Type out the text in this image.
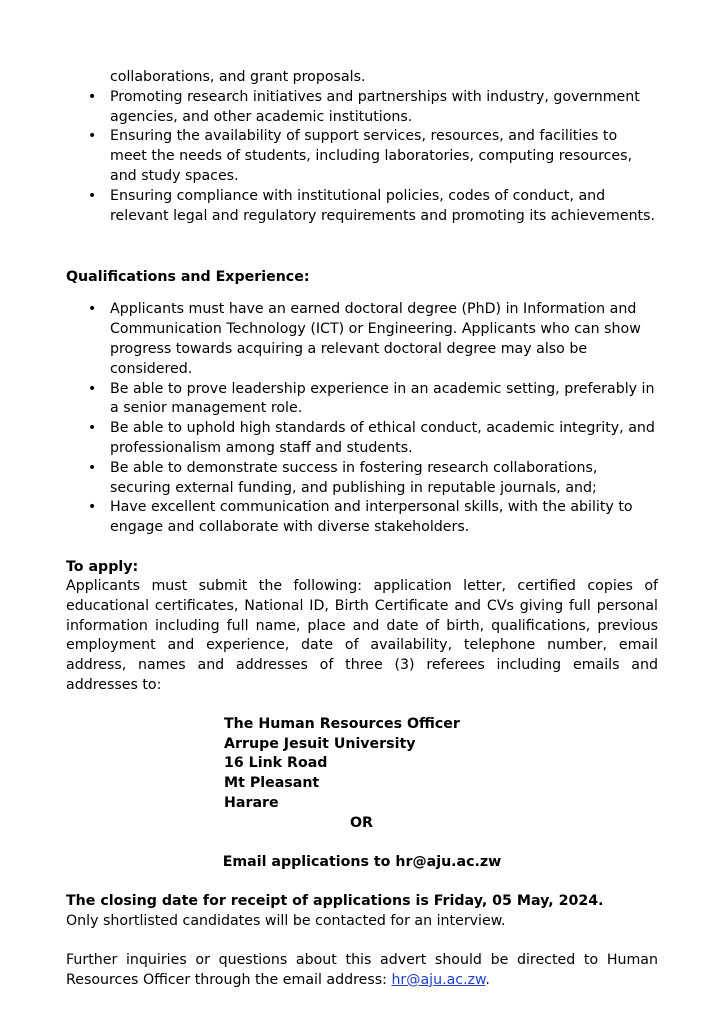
collaborations, and grant proposals.
• Promoting research initiatives and partnerships with industry, government agencies, and other academic institutions.
• Ensuring the availability of support services, resources, and facilities to meet the needs of students, including laboratories, computing resources, and study spaces.
• Ensuring compliance with institutional policies, codes of conduct, and relevant legal and regulatory requirements and promoting its achievements.
Qualifications and Experience:
• Applicants must have an earned doctoral degree (PhD) in Information and Communication Technology (ICT) or Engineering. Applicants who can show progress towards acquiring a relevant doctoral degree may also be considered.
• Be able to prove leadership experience in an academic setting, preferably in a senior management role.
• Be able to uphold high standards of ethical conduct, academic integrity, and professionalism among staff and students.
• Be able to demonstrate success in fostering research collaborations, securing external funding, and publishing in reputable journals, and;
• Have excellent communication and interpersonal skills, with the ability to engage and collaborate with diverse stakeholders.
To apply:
Applicants must submit the following: application letter, certified copies of educational certificates, National ID, Birth Certificate and CVs giving full personal information including full name, place and date of birth, qualifications, previous employment and experience, date of availability, telephone number, email address, names and addresses of three (3) referees including emails and addresses to:
The Human Resources Officer
Arrupe Jesuit University
16 Link Road
Mt Pleasant
Harare
OR
Email applications to hr@aju.ac.zw
The closing date for receipt of applications is Friday, 05 May, 2024.
Only shortlisted candidates will be contacted for an interview.
Further inquiries or questions about this advert should be directed to Human Resources Officer through the email address: hr@aju.ac.zw.
